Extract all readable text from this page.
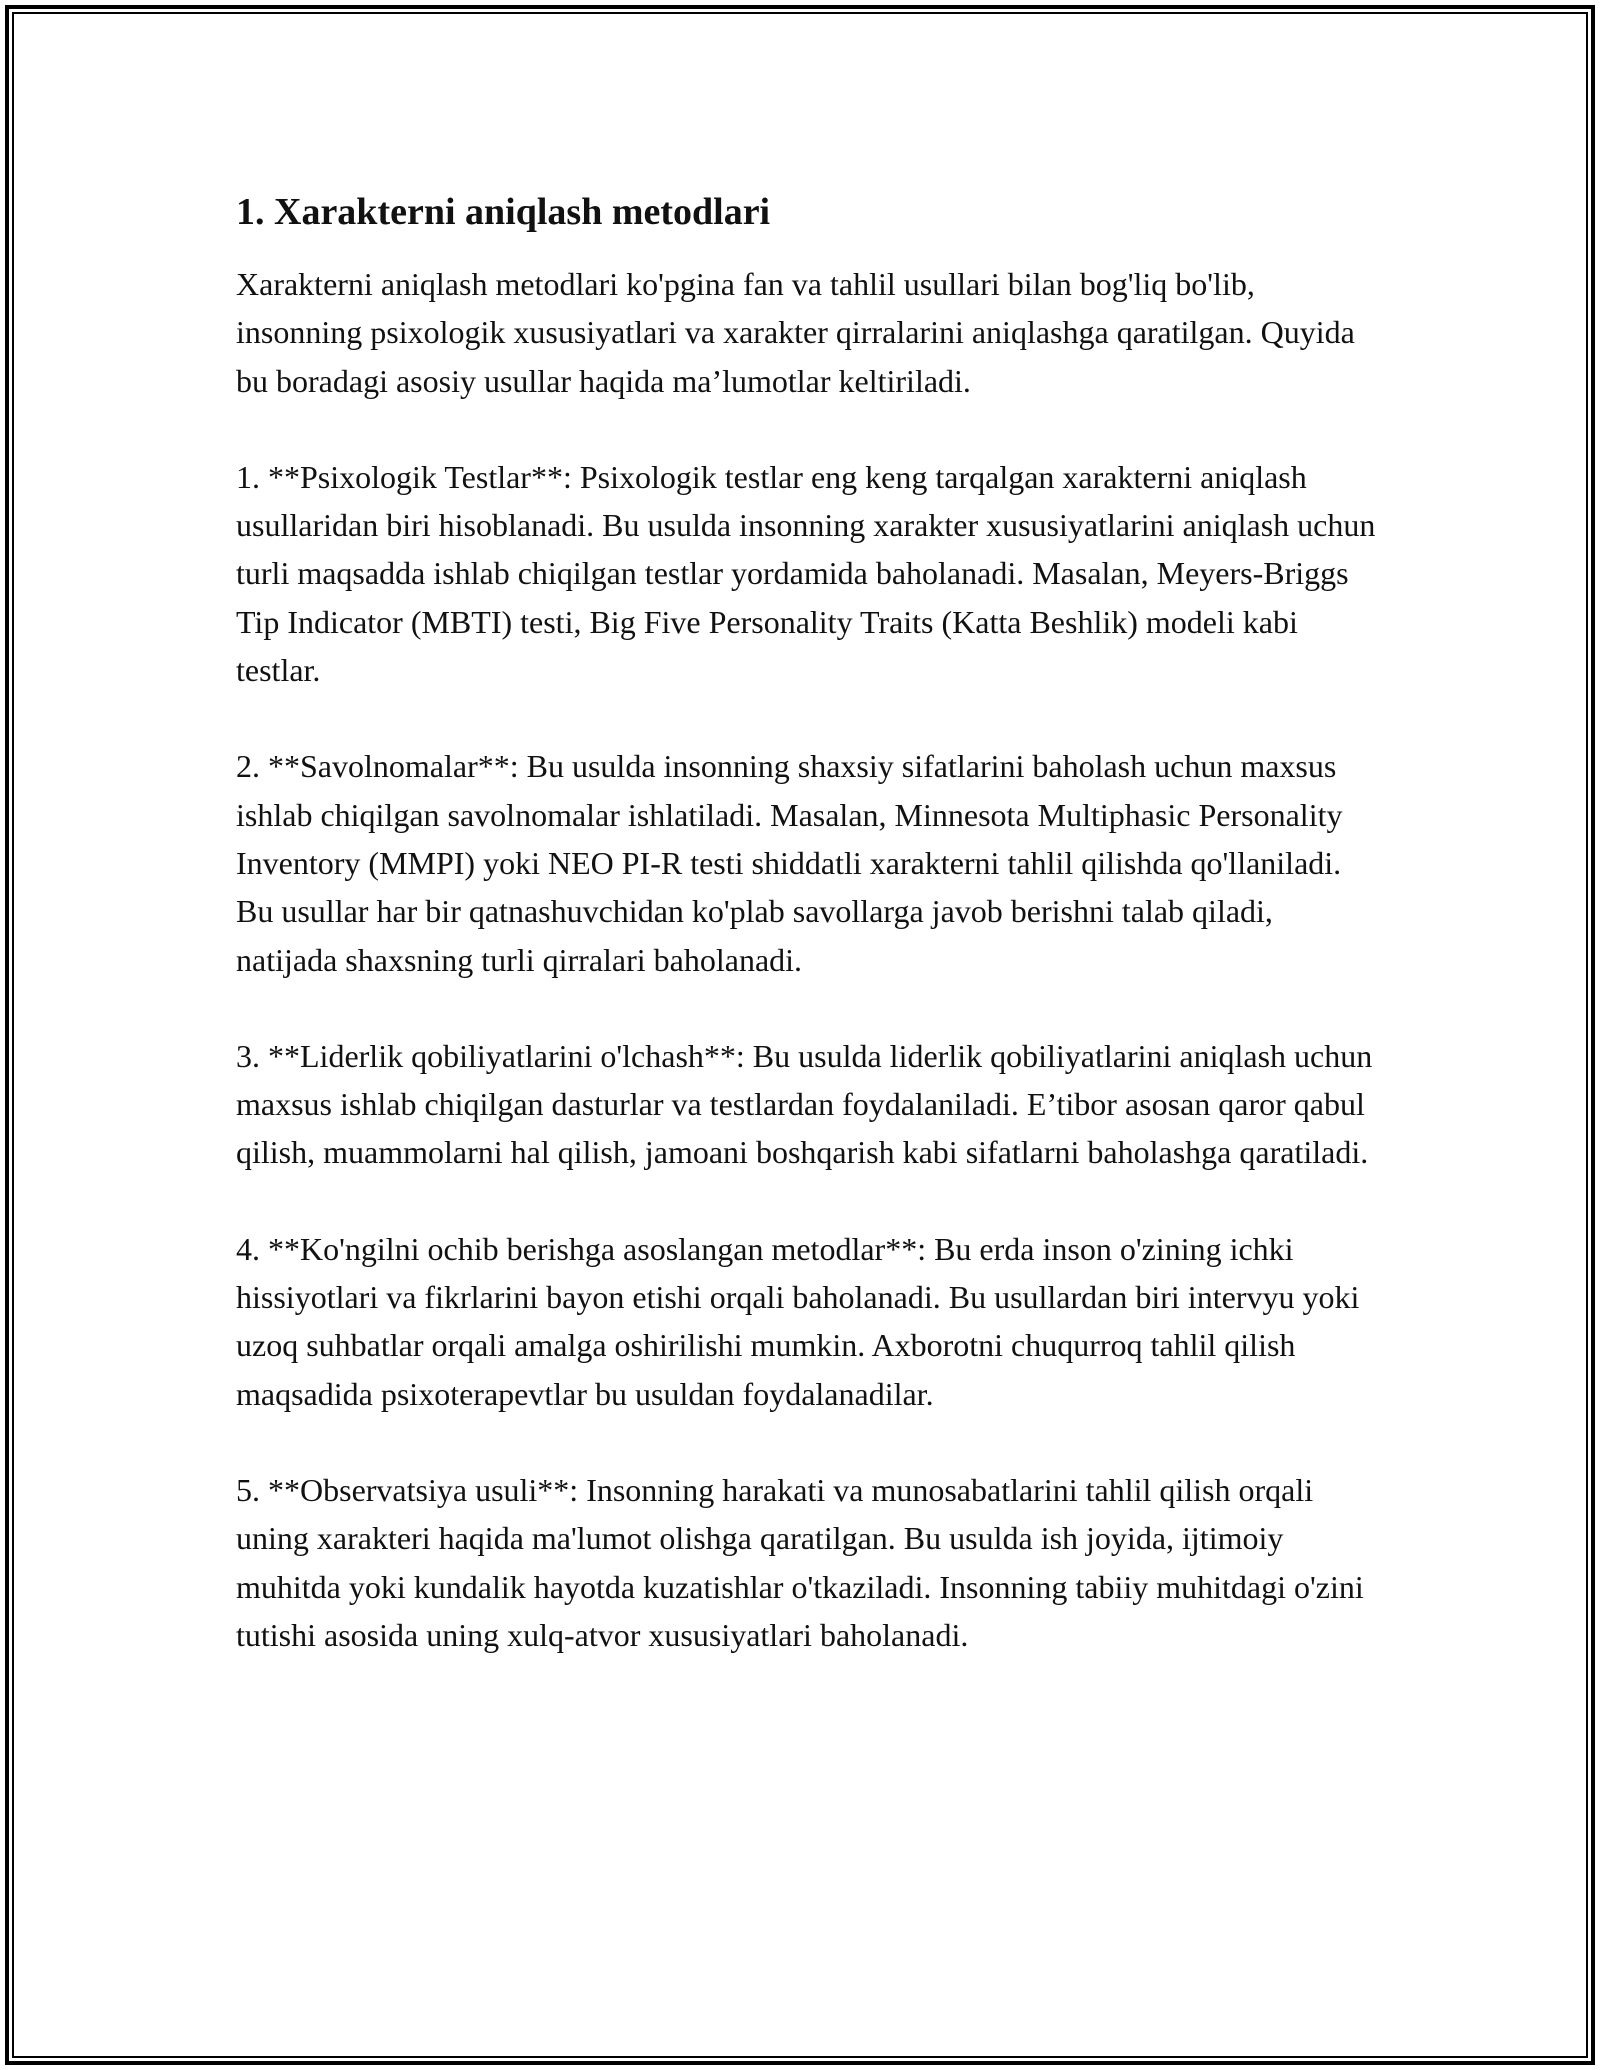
1. Xarakterni aniqlash metodlari

Xarakterni aniqlash metodlari ko'pgina fan va tahlil usullari bilan bog'liq bo'lib, insonning psixologik xususiyatlari va xarakter qirralarini aniqlashga qaratilgan. Quyida bu boradagi asosiy usullar haqida ma’lumotlar keltiriladi.

1. **Psixologik Testlar**: Psixologik testlar eng keng tarqalgan xarakterni aniqlash usullaridan biri hisoblanadi. Bu usulda insonning xarakter xususiyatlarini aniqlash uchun turli maqsadda ishlab chiqilgan testlar yordamida baholanadi. Masalan, Meyers-Briggs Tip Indicator (MBTI) testi, Big Five Personality Traits (Katta Beshlik) modeli kabi testlar.

2. **Savolnomalar**: Bu usulda insonning shaxsiy sifatlarini baholash uchun maxsus ishlab chiqilgan savolnomalar ishlatiladi. Masalan, Minnesota Multiphasic Personality Inventory (MMPI) yoki NEO PI-R testi shiddatli xarakterni tahlil qilishda qo'llaniladi. Bu usullar har bir qatnashuvchidan ko'plab savollarga javob berishni talab qiladi, natijada shaxsning turli qirralari baholanadi.

3. **Liderlik qobiliyatlarini o'lchash**: Bu usulda liderlik qobiliyatlarini aniqlash uchun maxsus ishlab chiqilgan dasturlar va testlardan foydalaniladi. E’tibor asosan qaror qabul qilish, muammolarni hal qilish, jamoani boshqarish kabi sifatlarni baholashga qaratiladi.

4. **Ko'ngilni ochib berishga asoslangan metodlar**: Bu erda inson o'zining ichki hissiyotlari va fikrlarini bayon etishi orqali baholanadi. Bu usullardan biri intervyu yoki uzoq suhbatlar orqali amalga oshirilishi mumkin. Axborotni chuqurroq tahlil qilish maqsadida psixoterapevtlar bu usuldan foydalanadilar.

5. **Observatsiya usuli**: Insonning harakati va munosabatlarini tahlil qilish orqali uning xarakteri haqida ma'lumot olishga qaratilgan. Bu usulda ish joyida, ijtimoiy muhitda yoki kundalik hayotda kuzatishlar o'tkaziladi. Insonning tabiiy muhitdagi o'zini tutishi asosida uning xulq-atvor xususiyatlari baholanadi.
